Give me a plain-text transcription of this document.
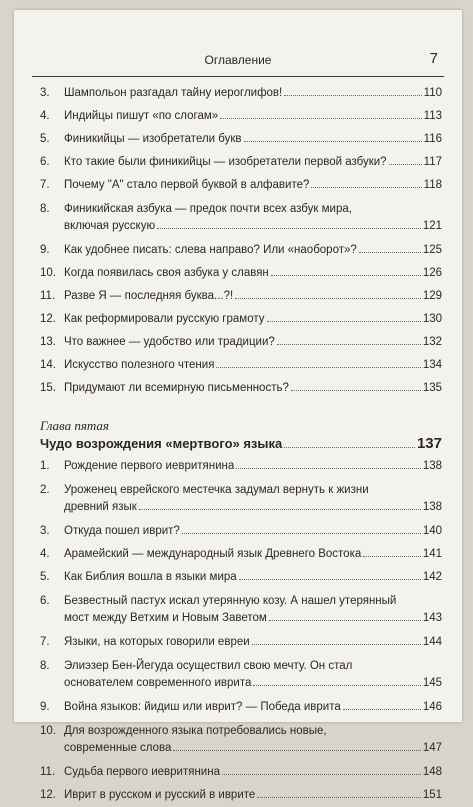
Оглавление	7
3.	Шампольон разгадал тайну иероглифов!	110
4.	Индийцы пишут «по слогам»	113
5.	Финикийцы — изобретатели букв	116
6.	Кто такие были финикийцы — изобретатели первой азбуки?	117
7.	Почему "А" стало первой буквой в алфавите?	118
8.	Финикийская азбука — предок почти всех азбук мира,
включая русскую	121
9.	Как удобнее писать: слева направо? Или «наоборот»?	125
10. Когда появилась своя азбука у славян	126
11. Разве Я — последняя буква...?!	129
12. Как реформировали русскую грамоту	130
13. Что важнее — удобство или традиции?	132
14. Искусство полезного чтения	134
15. Придумают ли всемирную письменность?	135
Глава пятая
Чудо возрождения «мертвого» языка	137
1.	Рождение первого иевритянина	138
2.	Уроженец еврейского местечка задумал вернуть к жизни
древний язык	138
3.	Откуда пошел иврит?	140
4.	Арамейский — международный язык Древнего Востока	141
5.	Как Библия вошла в языки мира	142
6.	Безвестный пастух искал утерянную козу. А нашел утерянный
мост между Ветхим и Новым Заветом	143
7.	Языки, на которых говорили евреи	144
8.	Элиэзер Бен-Йегуда осуществил свою мечту. Он стал
основателем современного иврита	145
9.	Война языков: йидиш или иврит? — Победа иврита	146
10. Для возрожденного языка потребовались новые,
современные слова	147
11. Судьба первого иевритянина	148
12. Иврит в русском и русский в иврите	151
